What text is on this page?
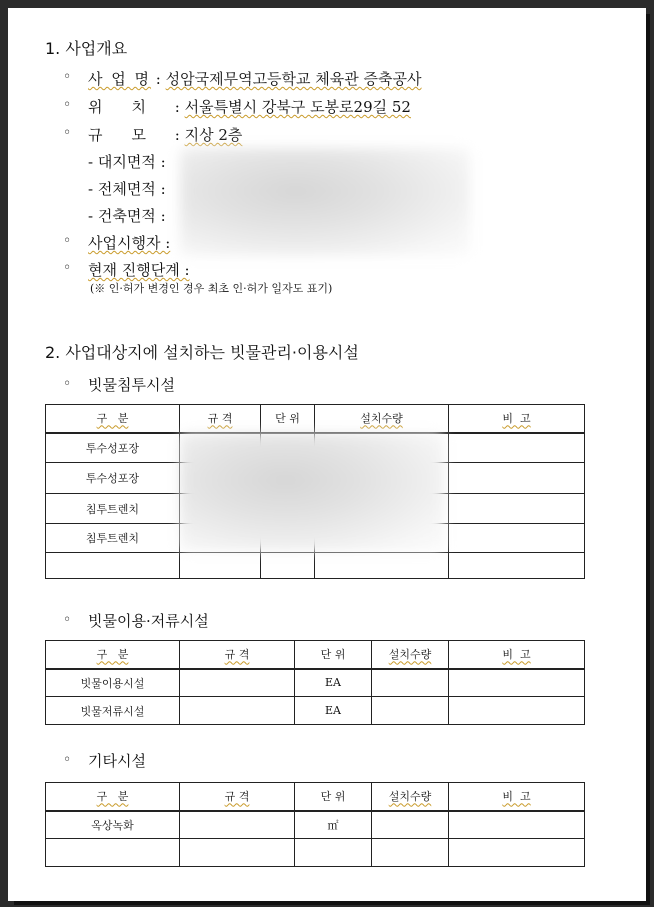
1. 사업개요
◦ 사 업 명 : 성암국제무역고등학교 체육관 증축공사
◦ 위    치 : 서울특별시 강북구 도봉로29길 52
◦ 규    모 : 지상 2층
- 대지면적 :
- 전체면적 :
- 건축면적 :
◦ 사업시행자 :
◦ 현재 진행단계 :
(※ 인·허가 변경인 경우 최초 인·허가 일자도 표기)
2. 사업대상지에 설치하는 빗물관리·이용시설
◦ 빗물침투시설
구   분	규 격	단 위	설치수량	비  고
투수성포장				
투수성포장				
침투트렌치				
침투트렌치				

◦ 빗물이용·저류시설
구   분	규 격	단 위	설치수량	비  고
빗물이용시설		EA		
빗물저류시설		EA		
◦ 기타시설
구   분	규 격	단 위	설치수량	비  고
옥상녹화		㎡		
